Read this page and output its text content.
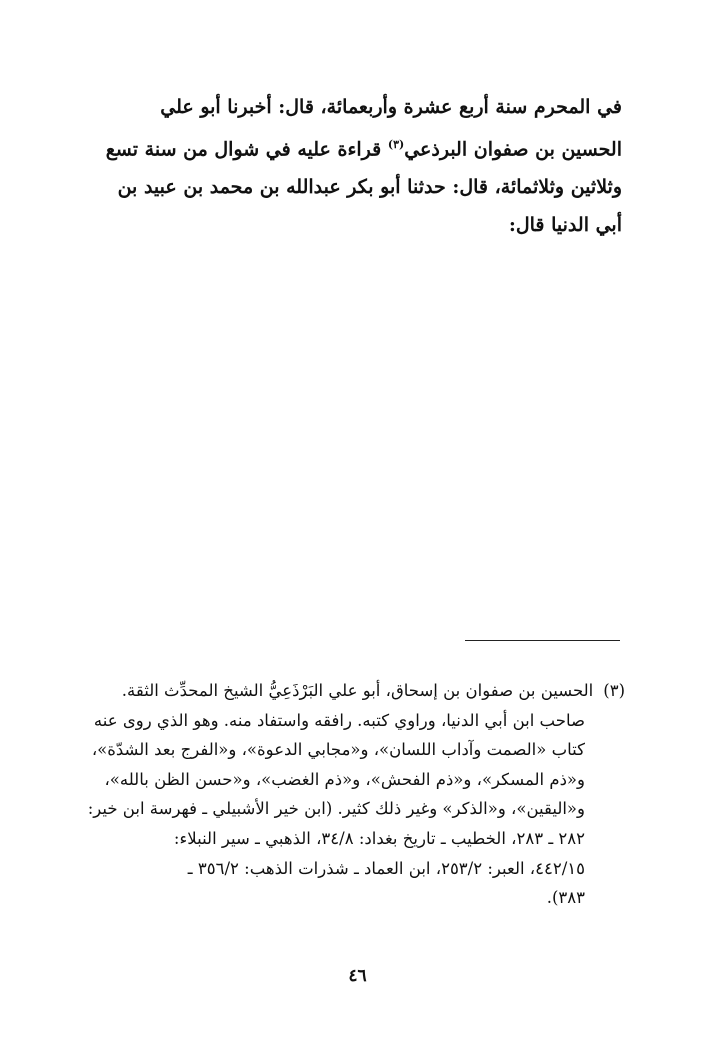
في المحرم سنة أربع عشرة وأربعمائة، قال: أخبرنا أبو علي
الحسين بن صفوان البرذعي$^{(٣)}$ قراءة عليه في شوال من سنة تسع
وثلاثين وثلاثمائة، قال: حدثنا أبو بكر عبدالله بن محمد بن عبيد بن
أبي الدنيا قال:
(٣)الحسين بن صفوان بن إسحاق، أبو علي البَرْذَعِيُّ الشيخ المحدِّث الثقة.
صاحب ابن أبي الدنيا، وراوي كتبه. رافقه واستفاد منه. وهو الذي روى عنه
كتاب «الصمت وآداب اللسان»، و«مجابي الدعوة»، و«الفرج بعد الشدّة»،
و«ذم المسكر»، و«ذم الفحش»، و«ذم الغضب»، و«حسن الظن بالله»،
و«اليقين»، و«الذكر» وغير ذلك كثير. (ابن خير الأشبيلي ـ فهرسة ابن خير:
٢٨٢ ـ ٢٨٣، الخطيب ـ تاريخ بغداد: ٣٤/٨، الذهبي ـ سير النبلاء:
٤٤٢/١٥، العبر: ٢٥٣/٢، ابن العماد ـ شذرات الذهب: ٣٥٦/٢ ـ
٣٨٣).
٤٦
